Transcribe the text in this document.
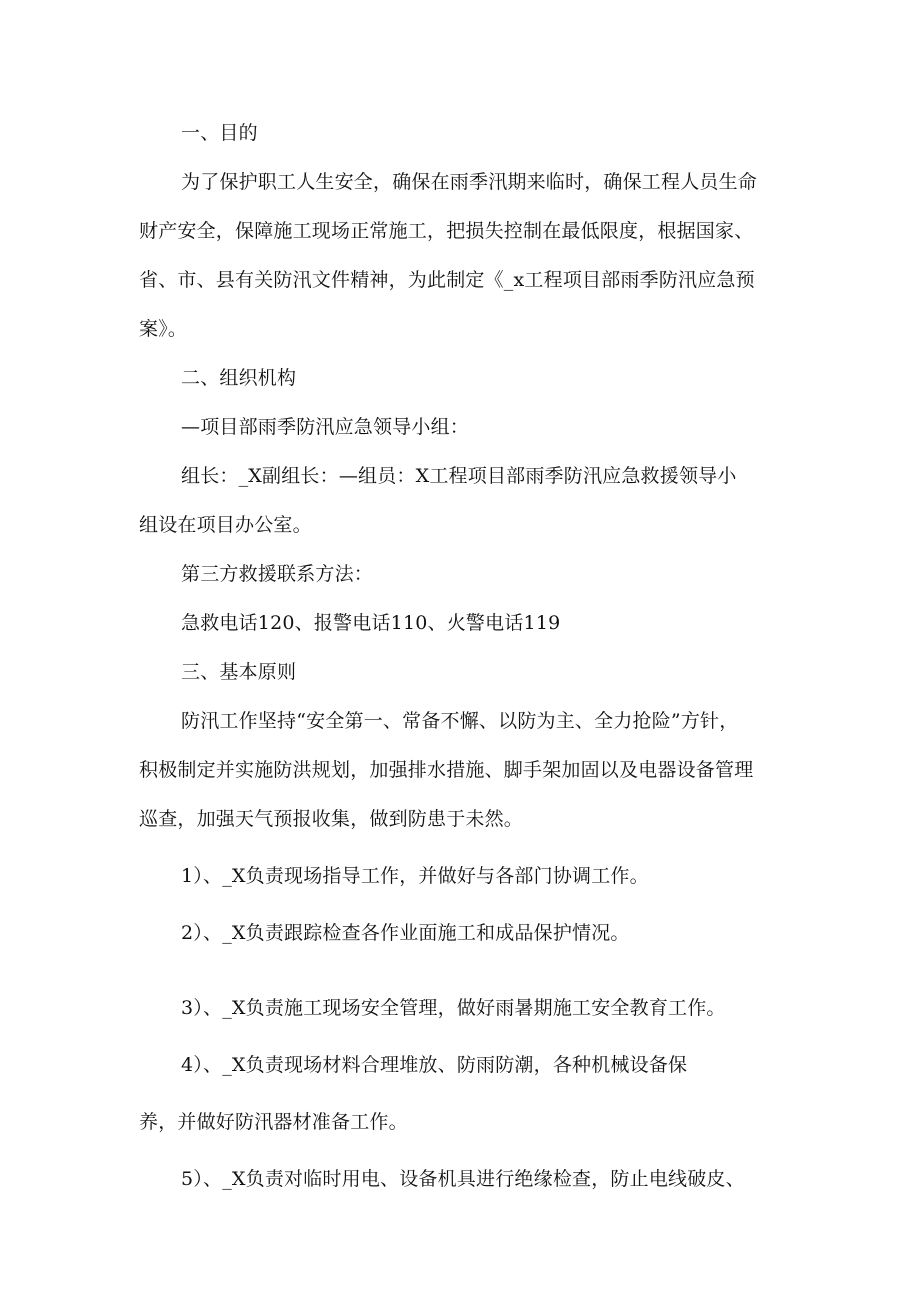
一、目的
为了保护职工人生安全，确保在雨季汛期来临时，确保工程人员生命
财产安全，保障施工现场正常施工，把损失控制在最低限度，根据国家、
省、市、县有关防汛文件精神，为此制定《_x工程项目部雨季防汛应急预
案》。
二、组织机构
—项目部雨季防汛应急领导小组：
组长：_X副组长：—组员：X工程项目部雨季防汛应急救援领导小
组设在项目办公室。
第三方救援联系方法：
急救电话120、报警电话110、火警电话119
三、基本原则
防汛工作坚持“安全第一、常备不懈、以防为主、全力抢险”方针，
积极制定并实施防洪规划，加强排水措施、脚手架加固以及电器设备管理
巡查，加强天气预报收集，做到防患于未然。
1）、_X负责现场指导工作，并做好与各部门协调工作。
2）、_X负责跟踪检查各作业面施工和成品保护情况。
3）、_X负责施工现场安全管理，做好雨暑期施工安全教育工作。
4）、_X负责现场材料合理堆放、防雨防潮，各种机械设备保
养，并做好防汛器材准备工作。
5）、_X负责对临时用电、设备机具进行绝缘检查，防止电线破皮、
